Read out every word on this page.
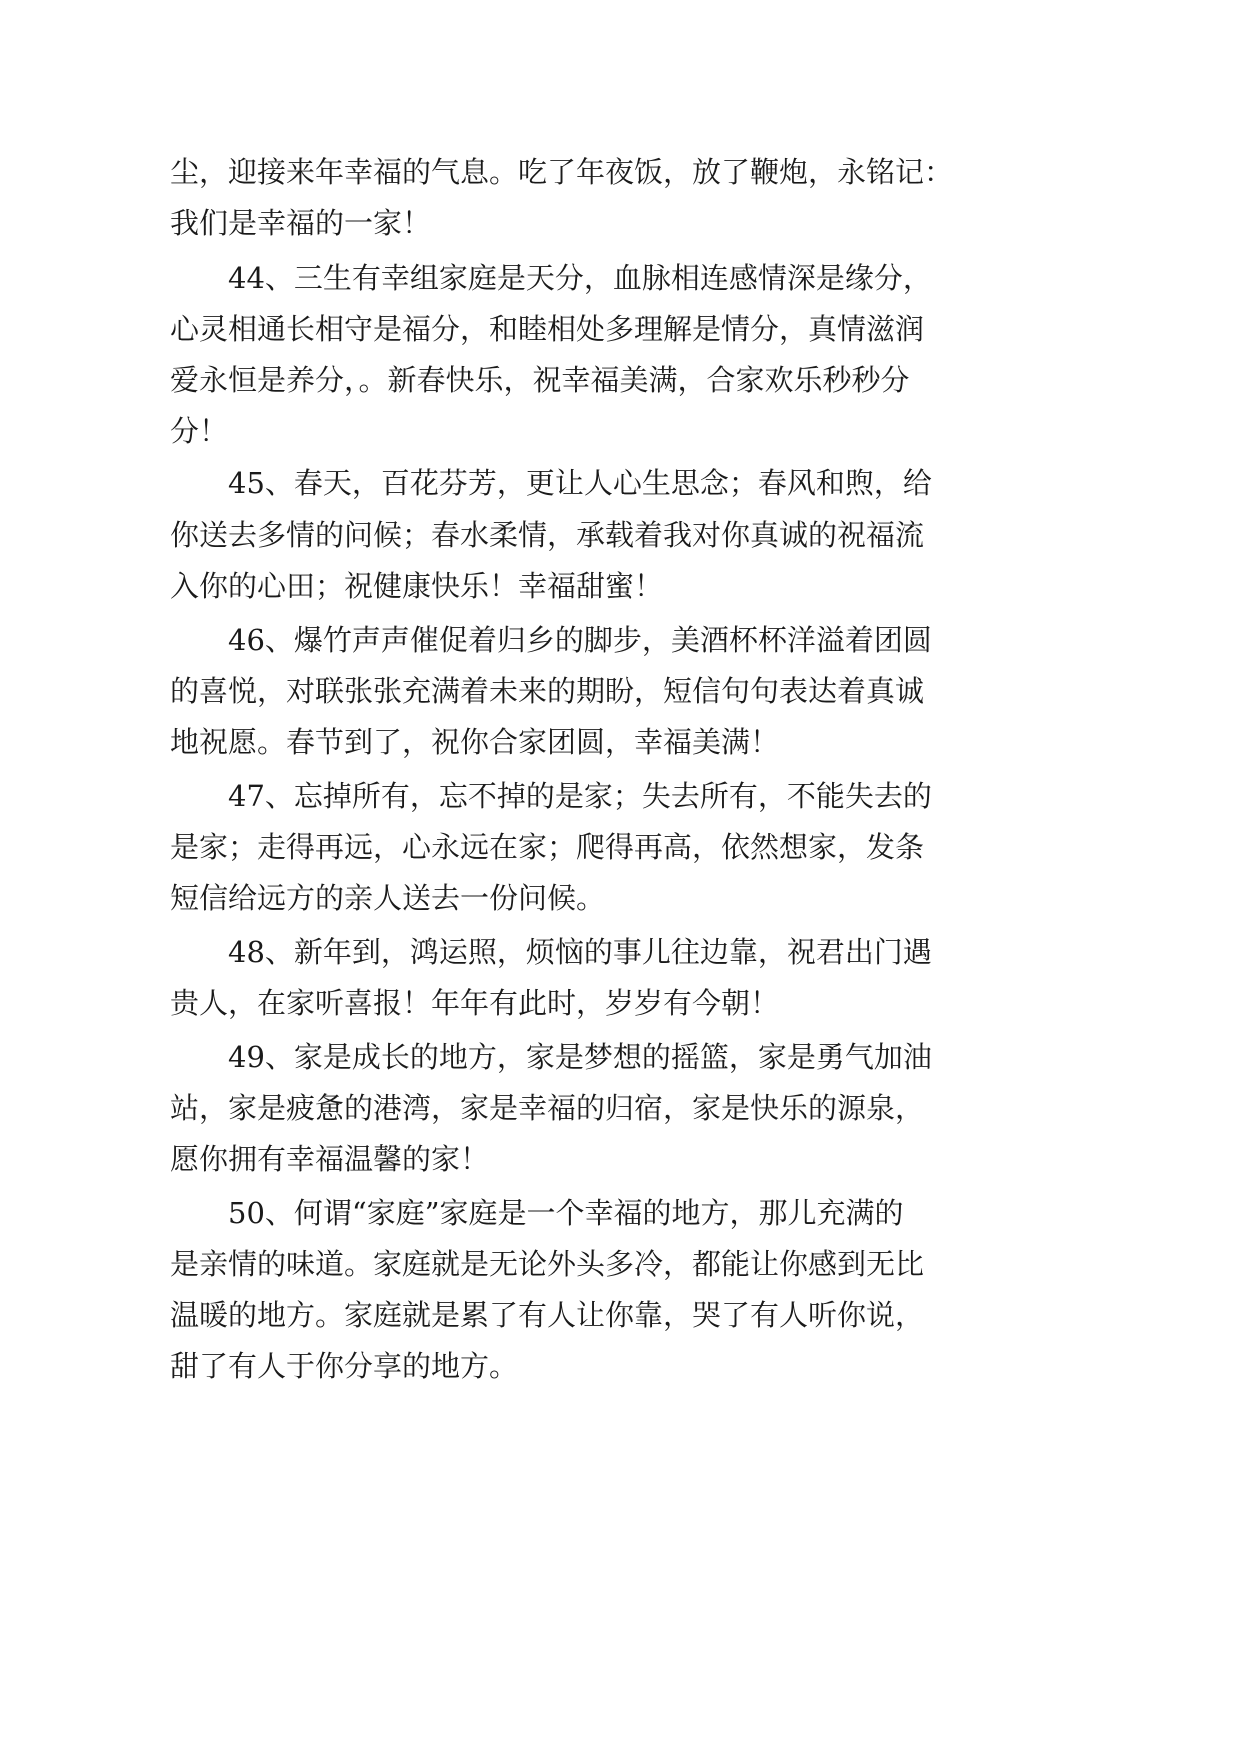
尘，迎接来年幸福的气息。吃了年夜饭，放了鞭炮，永铭记：

我们是幸福的一家！

44、三生有幸组家庭是天分，血脉相连感情深是缘分，

心灵相通长相守是福分，和睦相处多理解是情分，真情滋润

爱永恒是养分，。新春快乐，祝幸福美满，合家欢乐秒秒分

分！

45、春天，百花芬芳，更让人心生思念；春风和煦，给

你送去多情的问候；春水柔情，承载着我对你真诚的祝福流

入你的心田；祝健康快乐！幸福甜蜜！

46、爆竹声声催促着归乡的脚步，美酒杯杯洋溢着团圆

的喜悦，对联张张充满着未来的期盼，短信句句表达着真诚

地祝愿。春节到了，祝你合家团圆，幸福美满！

47、忘掉所有，忘不掉的是家；失去所有，不能失去的

是家；走得再远，心永远在家；爬得再高，依然想家，发条

短信给远方的亲人送去一份问候。

48、新年到，鸿运照，烦恼的事儿往边靠，祝君出门遇

贵人，在家听喜报！年年有此时，岁岁有今朝！

49、家是成长的地方，家是梦想的摇篮，家是勇气加油

站，家是疲惫的港湾，家是幸福的归宿，家是快乐的源泉，

愿你拥有幸福温馨的家！

50、何谓“家庭”家庭是一个幸福的地方，那儿充满的

是亲情的味道。家庭就是无论外头多冷，都能让你感到无比

温暖的地方。家庭就是累了有人让你靠，哭了有人听你说，

甜了有人于你分享的地方。
